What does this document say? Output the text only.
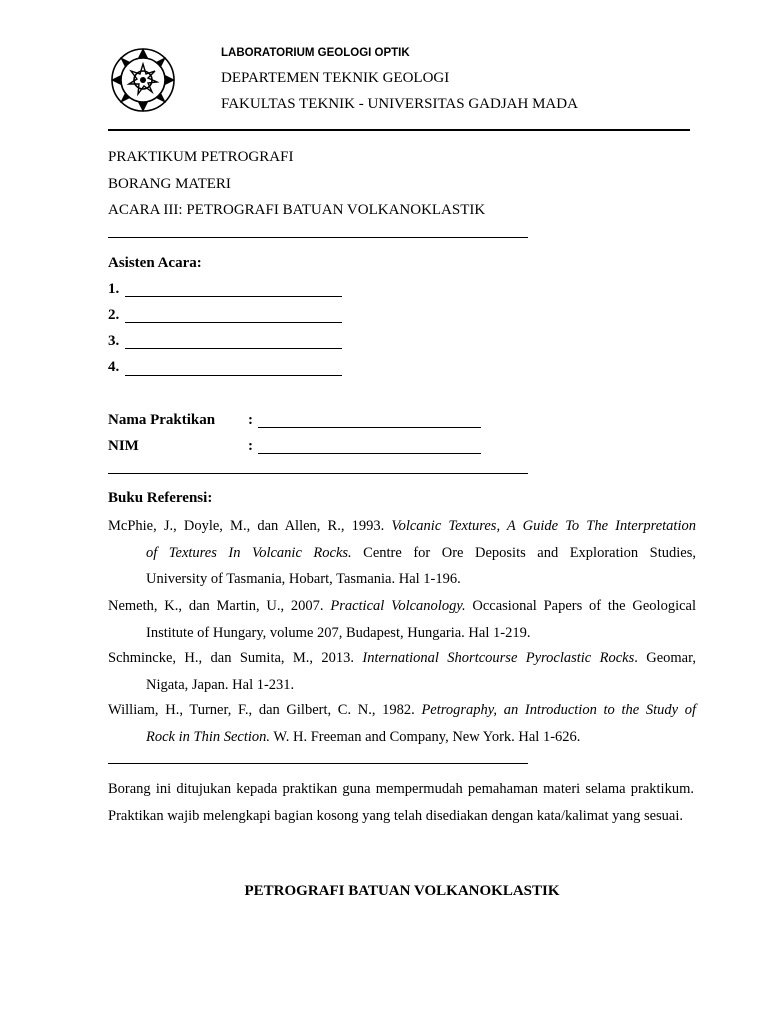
LABORATORIUM GEOLOGI OPTIK
DEPARTEMEN TEKNIK GEOLOGI
FAKULTAS TEKNIK - UNIVERSITAS GADJAH MADA
PRAKTIKUM PETROGRAFI
BORANG MATERI
ACARA III: PETROGRAFI BATUAN VOLKANOKLASTIK
Asisten Acara:
1.
2.
3.
4.
Nama Praktikan :
NIM	:
Buku Referensi:
McPhie, J., Doyle, M., dan Allen, R., 1993. Volcanic Textures, A Guide To The Interpretation
of Textures In Volcanic Rocks. Centre for Ore Deposits and Exploration Studies,
University of Tasmania, Hobart, Tasmania. Hal 1-196.
Nemeth, K., dan Martin, U., 2007. Practical Volcanology. Occasional Papers of the Geological
Institute of Hungary, volume 207, Budapest, Hungaria. Hal 1-219.
Schmincke, H., dan Sumita, M., 2013. International Shortcourse Pyroclastic Rocks. Geomar,
Nigata, Japan. Hal 1-231.
William, H., Turner, F., dan Gilbert, C. N., 1982. Petrography, an Introduction to the Study of
Rock in Thin Section. W. H. Freeman and Company, New York. Hal 1-626.
Borang ini ditujukan kepada praktikan guna mempermudah pemahaman materi selama praktikum. Praktikan wajib melengkapi bagian kosong yang telah disediakan dengan kata/kalimat yang sesuai.
PETROGRAFI BATUAN VOLKANOKLASTIK
